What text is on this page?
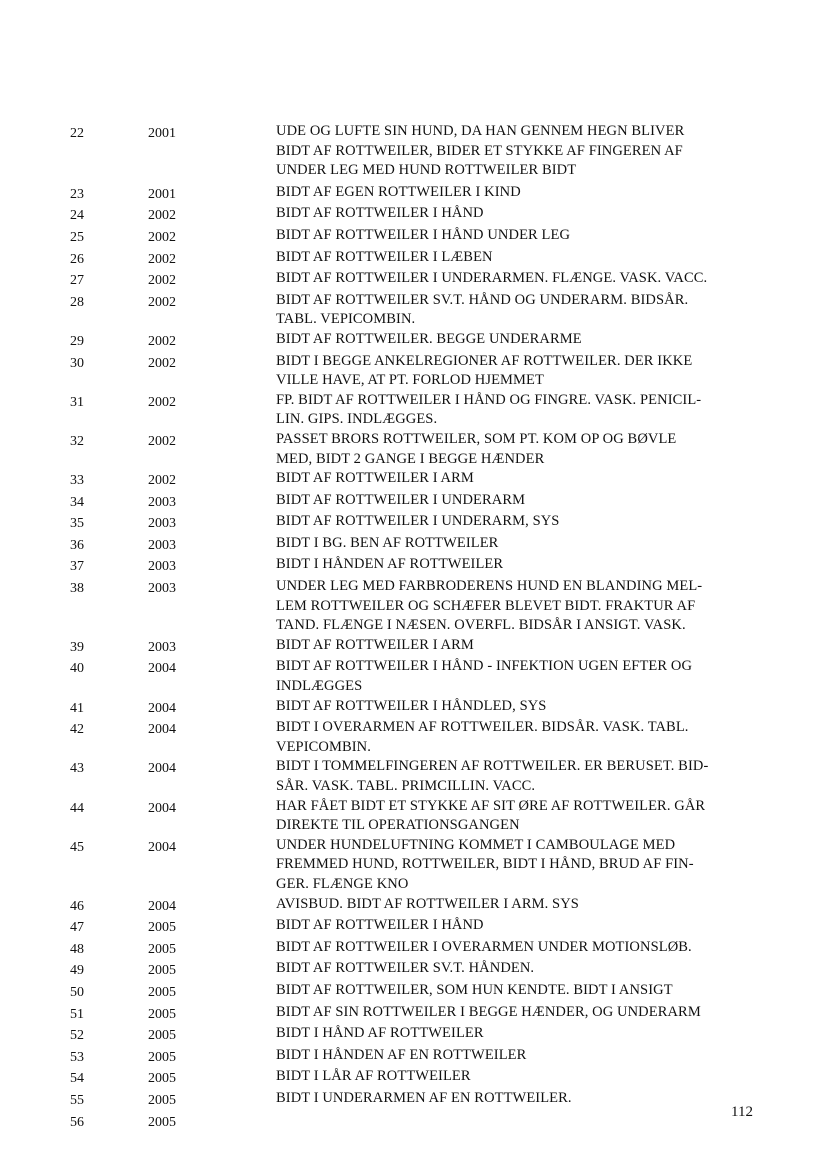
22	2001	UDE OG LUFTE SIN HUND, DA HAN GENNEM HEGN BLIVER
BIDT AF ROTTWEILER, BIDER ET STYKKE AF FINGEREN AF
UNDER LEG MED HUND ROTTWEILER BIDT
23	2001	BIDT AF EGEN ROTTWEILER I KIND
24	2002	BIDT AF ROTTWEILER I HÅND
25	2002	BIDT AF ROTTWEILER I HÅND UNDER LEG
26	2002	BIDT AF ROTTWEILER I LÆBEN
27	2002	BIDT AF ROTTWEILER I UNDERARMEN. FLÆNGE. VASK. VACC.
28	2002	BIDT AF ROTTWEILER SV.T. HÅND OG UNDERARM. BIDSÅR.
TABL. VEPICOMBIN.
29	2002	BIDT AF ROTTWEILER. BEGGE UNDERARME
30	2002	BIDT I BEGGE ANKELREGIONER AF ROTTWEILER. DER IKKE
VILLE HAVE, AT PT. FORLOD HJEMMET
31	2002	FP. BIDT AF ROTTWEILER I HÅND OG FINGRE. VASK. PENICIL-
LIN. GIPS. INDLÆGGES.
32	2002	PASSET BRORS ROTTWEILER, SOM PT. KOM OP OG BØVLE
MED, BIDT 2 GANGE I BEGGE HÆNDER
33	2002	BIDT AF ROTTWEILER I ARM
34	2003	BIDT AF ROTTWEILER I UNDERARM
35	2003	BIDT AF ROTTWEILER I UNDERARM, SYS
36	2003	BIDT I BG. BEN AF ROTTWEILER
37	2003	BIDT I HÅNDEN AF ROTTWEILER
38	2003	UNDER LEG MED FARBRODERENS HUND EN BLANDING MEL-
LEM ROTTWEILER OG SCHÆFER BLEVET BIDT. FRAKTUR AF
TAND. FLÆNGE I NÆSEN. OVERFL. BIDSÅR I ANSIGT. VASK.
39	2003	BIDT AF ROTTWEILER I ARM
40	2004	BIDT AF ROTTWEILER I HÅND - INFEKTION UGEN EFTER OG
INDLÆGGES
41	2004	BIDT AF ROTTWEILER I HÅNDLED, SYS
42	2004	BIDT I OVERARMEN AF ROTTWEILER. BIDSÅR. VASK. TABL.
VEPICOMBIN.
43	2004	BIDT I TOMMELFINGEREN AF ROTTWEILER. ER BERUSET. BID-
SÅR. VASK. TABL. PRIMCILLIN. VACC.
44	2004	HAR FÅET BIDT ET STYKKE AF SIT ØRE AF ROTTWEILER. GÅR
DIREKTE TIL OPERATIONSGANGEN
45	2004	UNDER HUNDELUFTNING KOMMET I CAMBOULAGE MED
FREMMED HUND, ROTTWEILER, BIDT I HÅND, BRUD AF FIN-
GER. FLÆNGE KNO
46	2004	AVISBUD. BIDT AF ROTTWEILER I ARM. SYS
47	2005	BIDT AF ROTTWEILER I HÅND
48	2005	BIDT AF ROTTWEILER I OVERARMEN UNDER MOTIONSLØB.
49	2005	BIDT AF ROTTWEILER SV.T. HÅNDEN.
50	2005	BIDT AF ROTTWEILER, SOM HUN KENDTE. BIDT I ANSIGT
51	2005	BIDT AF SIN ROTTWEILER I BEGGE HÆNDER, OG UNDERARM
52	2005	BIDT I HÅND AF ROTTWEILER
53	2005	BIDT I HÅNDEN AF EN ROTTWEILER
54	2005	BIDT I LÅR AF ROTTWEILER
55	2005	BIDT I UNDERARMEN AF EN ROTTWEILER.
56	2005
112
